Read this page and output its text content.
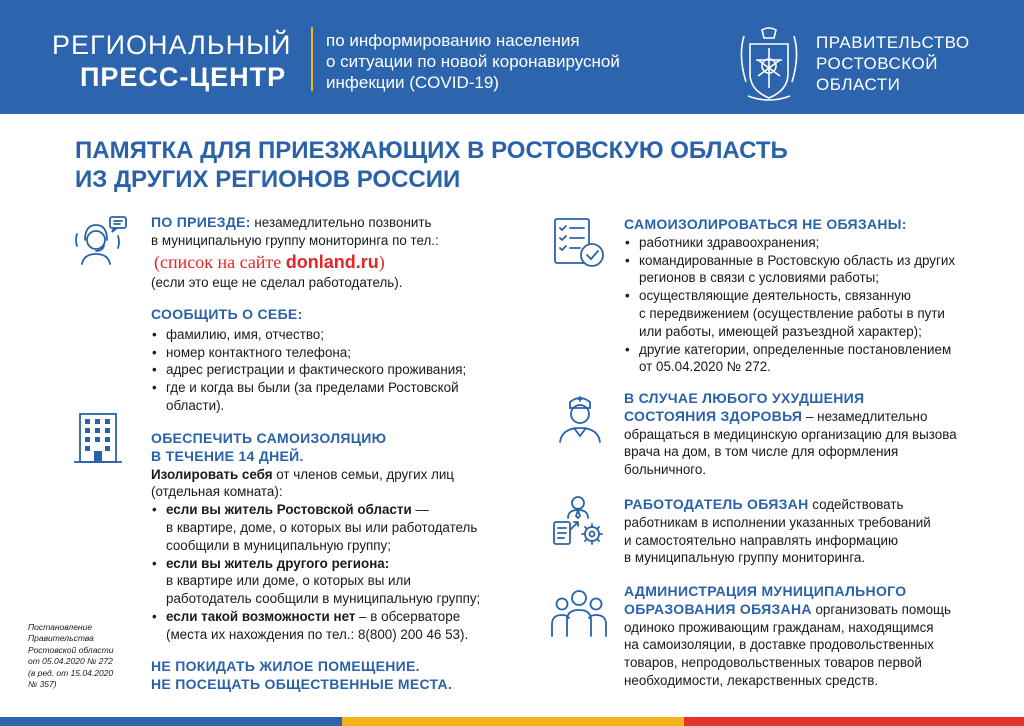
РЕГИОНАЛЬНЫЙ
ПРЕСС-ЦЕНТР
по информированию населения
о ситуации по новой коронавирусной
инфекции (COVID-19)
ПРАВИТЕЛЬСТВО
РОСТОВСКОЙ
ОБЛАСТИ
ПАМЯТКА ДЛЯ ПРИЕЗЖАЮЩИХ В РОСТОВСКУЮ ОБЛАСТЬ
ИЗ ДРУГИХ РЕГИОНОВ РОССИИ
ПО ПРИЕЗДЕ: незамедлительно позвонить
в муниципальную группу мониторинга по тел.:
(список на сайте donland.ru)
(если это еще не сделал работодатель).
СООБЩИТЬ О СЕБЕ:
• фамилию, имя, отчество;
• номер контактного телефона;
• адрес регистрации и фактического проживания;
• где и когда вы были (за пределами Ростовской
области).
ОБЕСПЕЧИТЬ САМОИЗОЛЯЦИЮ
В ТЕЧЕНИЕ 14 ДНЕЙ.
Изолировать себя от членов семьи, других лиц
(отдельная комната):
• если вы житель Ростовской области —
в квартире, доме, о которых вы или работодатель
сообщили в муниципальную группу;
• если вы житель другого региона:
в квартире или доме, о которых вы или
работодатель сообщили в муниципальную группу;
• если такой возможности нет – в обсерваторе
(места их нахождения по тел.: 8(800) 200 46 53).
НЕ ПОКИДАТЬ ЖИЛОЕ ПОМЕЩЕНИЕ.
НЕ ПОСЕЩАТЬ ОБЩЕСТВЕННЫЕ МЕСТА.
Постановление
Правительства
Ростовской области
от 05.04.2020 № 272
(в ред. от 15.04.2020
№ 357)
САМОИЗОЛИРОВАТЬСЯ НЕ ОБЯЗАНЫ:
• работники здравоохранения;
• командированные в Ростовскую область из других
регионов в связи с условиями работы;
• осуществляющие деятельность, связанную
с передвижением (осуществление работы в пути
или работы, имеющей разъездной характер);
• другие категории, определенные постановлением
от 05.04.2020 № 272.
В СЛУЧАЕ ЛЮБОГО УХУДШЕНИЯ
СОСТОЯНИЯ ЗДОРОВЬЯ – незамедлительно
обращаться в медицинскую организацию для вызова
врача на дом, в том числе для оформления
больничного.
РАБОТОДАТЕЛЬ ОБЯЗАН содействовать
работникам в исполнении указанных требований
и самостоятельно направлять информацию
в муниципальную группу мониторинга.
АДМИНИСТРАЦИЯ МУНИЦИПАЛЬНОГО
ОБРАЗОВАНИЯ ОБЯЗАНА организовать помощь
одиноко проживающим гражданам, находящимся
на самоизоляции, в доставке продовольственных
товаров, непродовольственных товаров первой
необходимости, лекарственных средств.
